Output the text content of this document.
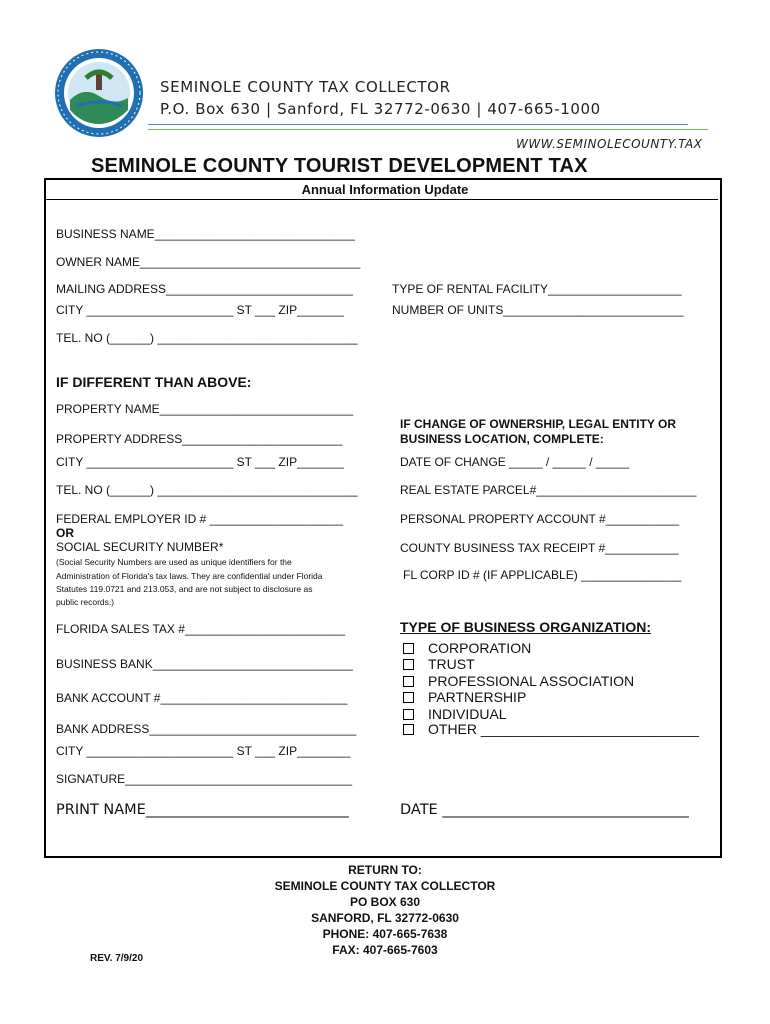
SEMINOLE COUNTY TAX COLLECTOR
P.O. Box 630 | Sanford, FL 32772-0630 | 407-665-1000
WWW.SEMINOLECOUNTY.TAX
SEMINOLE COUNTY TOURIST DEVELOPMENT TAX
Annual Information Update
BUSINESS NAME______________________________
OWNER NAME_________________________________
MAILING ADDRESS____________________________
CITY ______________________ ST ___ ZIP_______
TEL. NO (______) ______________________________
TYPE OF RENTAL FACILITY____________________
NUMBER OF UNITS___________________________
IF DIFFERENT THAN ABOVE:
PROPERTY NAME_____________________________
PROPERTY ADDRESS________________________
CITY ______________________ ST ___ ZIP_______
TEL. NO (______) ______________________________
FEDERAL EMPLOYER ID # ____________________
OR
SOCIAL SECURITY NUMBER*
(Social Security Numbers are used as unique identifiers for the
Administration of Florida's tax laws. They are confidential under Florida
Statutes 119.0721 and 213.053, and are not subject to disclosure as
public records.)
FLORIDA SALES TAX #________________________
BUSINESS BANK______________________________
BANK ACCOUNT #____________________________
BANK ADDRESS_______________________________
CITY ______________________ ST ___ ZIP________
SIGNATURE__________________________________
PRINT NAME____________________________
IF CHANGE OF OWNERSHIP, LEGAL ENTITY OR
BUSINESS LOCATION, COMPLETE:
DATE OF CHANGE _____ / _____ / _____
REAL ESTATE PARCEL#________________________
PERSONAL PROPERTY ACCOUNT #___________
COUNTY BUSINESS TAX RECEIPT #___________
FL CORP ID # (IF APPLICABLE) _______________
TYPE OF BUSINESS ORGANIZATION:
CORPORATION
TRUST
PROFESSIONAL ASSOCIATION
PARTNERSHIP
INDIVIDUAL
OTHER ____________________________
DATE __________________________________
RETURN TO:
SEMINOLE COUNTY TAX COLLECTOR
PO BOX 630
SANFORD, FL 32772-0630
PHONE: 407-665-7638
FAX: 407-665-7603
REV. 7/9/20
